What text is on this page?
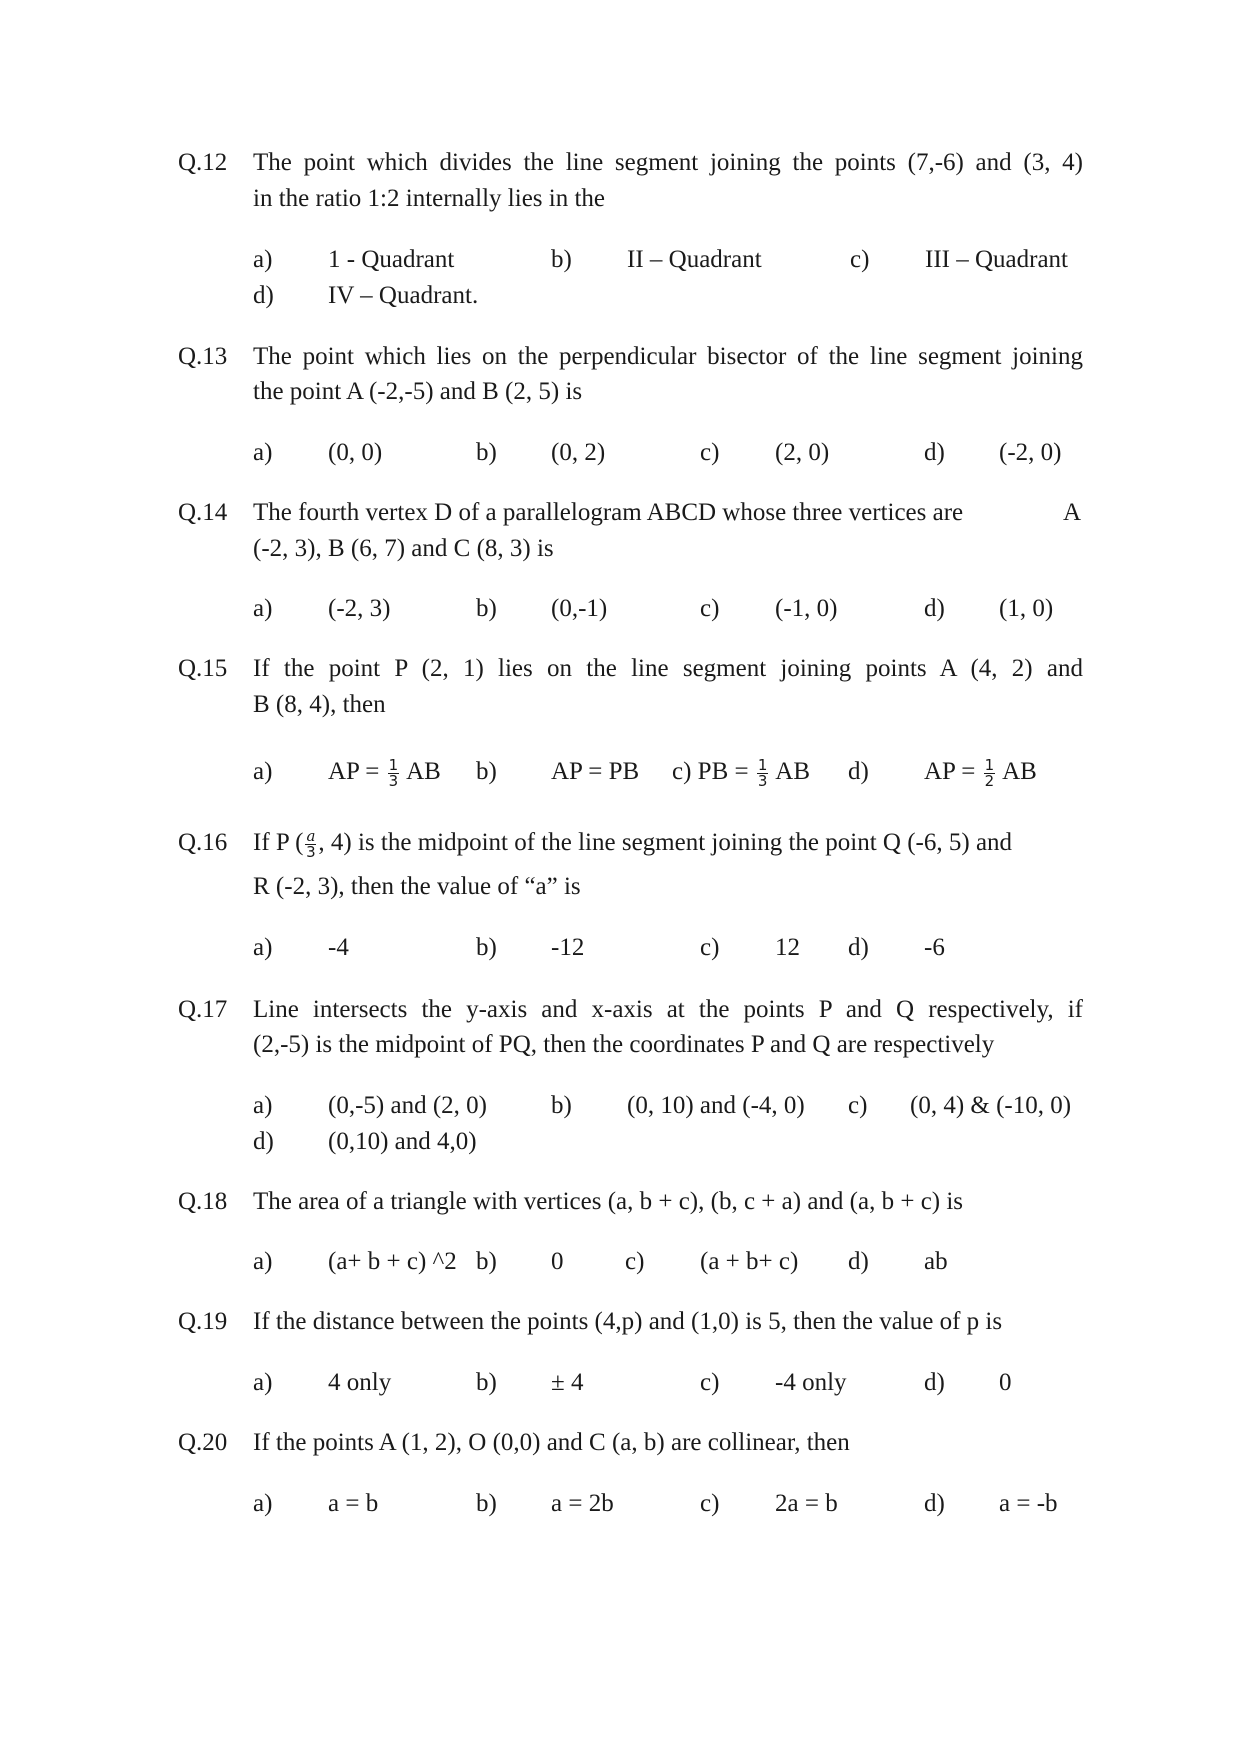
Q.12 The point which divides the line segment joining the points (7,-6) and (3, 4)
in the ratio 1:2 internally lies in the
a) 1 - Quadrant	b) II – Quadrant	c) III – Quadrant
d) IV – Quadrant.
Q.13 The point which lies on the perpendicular bisector of the line segment joining
the point A (-2,-5) and B (2, 5) is
a) (0, 0)	b) (0, 2)	c) (2, 0)	d) (-2, 0)
Q.14 The fourth vertex D of a parallelogram ABCD whose three vertices are	A
(-2, 3), B (6, 7) and C (8, 3) is
a) (-2, 3)	b) (0,-1)	c) (-1, 0)	d) (1, 0)
Q.15 If the point P (2, 1) lies on the line segment joining points A (4, 2) and
B (8, 4), then
a) AP = $\frac{1}{3}$ AB b) AP = PB c) PB = $\frac{1}{3}$ AB d) AP = $\frac{1}{2}$ AB
Q.16 If P ( $\frac{a}{3}$ , 4) is the midpoint of the line segment joining the point Q (-6, 5) and
R (-2, 3), then the value of “a” is
a) -4	b) -12	c) 12 d) -6
Q.17 Line intersects the y-axis and x-axis at the points P and Q respectively, if
(2,-5) is the midpoint of PQ, then the coordinates P and Q are respectively
a) (0,-5) and (2, 0)	b) (0, 10) and (-4, 0) c) (0, 4) & (-10, 0)
d) (0,10) and 4,0)
Q.18 The area of a triangle with vertices (a, b + c), (b, c + a) and (a, b + c) is
a) (a+ b + c) ^2 b) 0 c) (a + b+ c) d) ab
Q.19 If the distance between the points (4,p) and (1,0) is 5, then the value of p is
a) 4 only	b) ± 4	c) -4 only	d) 0
Q.20 If the points A (1, 2), O (0,0) and C (a, b) are collinear, then
a) a = b	b) a = 2b	c) 2a = b	d) a = -b
